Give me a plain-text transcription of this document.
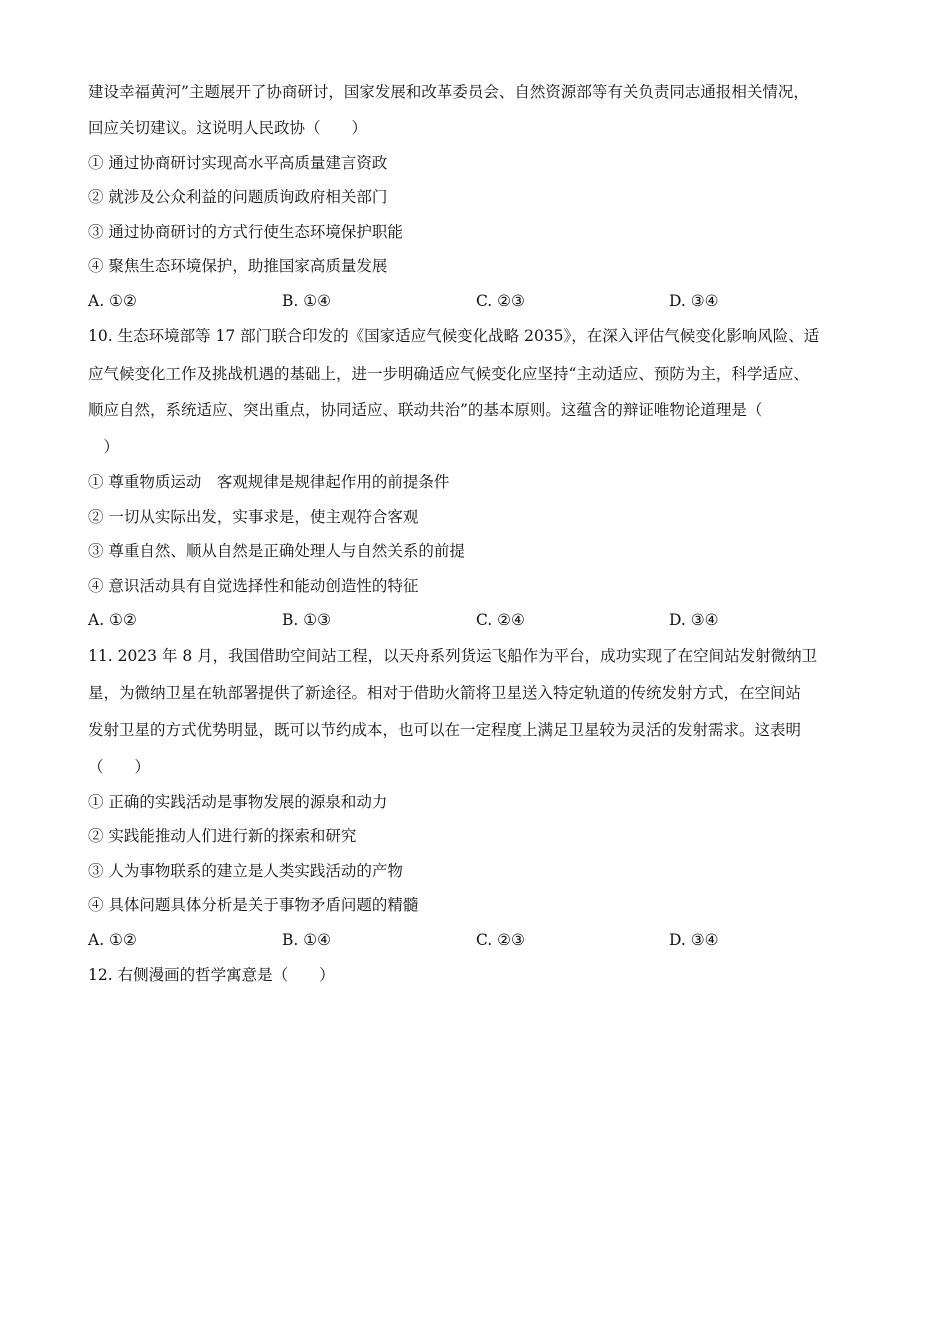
建设幸福黄河”主题展开了协商研讨，国家发展和改革委员会、自然资源部等有关负责同志通报相关情况，
回应关切建议。这说明人民政协（　　）
① 通过协商研讨实现高水平高质量建言资政
② 就涉及公众利益的问题质询政府相关部门
③ 通过协商研讨的方式行使生态环境保护职能
④ 聚焦生态环境保护，助推国家高质量发展
A. ①②	B. ①④	C. ②③	D. ③④
10. 生态环境部等 17 部门联合印发的《国家适应气候变化战略 2035》，在深入评估气候变化影响风险、适
应气候变化工作及挑战机遇的基础上，进一步明确适应气候变化应坚持“主动适应、预防为主，科学适应、
顺应自然，系统适应、突出重点，协同适应、联动共治”的基本原则。这蕴含的辩证唯物论道理是（
　）
① 尊重物质运动　客观规律是规律起作用的前提条件
② 一切从实际出发，实事求是，使主观符合客观
③ 尊重自然、顺从自然是正确处理人与自然关系的前提
④ 意识活动具有自觉选择性和能动创造性的特征
A. ①②	B. ①③	C. ②④	D. ③④
11. 2023 年 8 月，我国借助空间站工程，以天舟系列货运飞船作为平台，成功实现了在空间站发射微纳卫
星，为微纳卫星在轨部署提供了新途径。相对于借助火箭将卫星送入特定轨道的传统发射方式，在空间站
发射卫星的方式优势明显，既可以节约成本，也可以在一定程度上满足卫星较为灵活的发射需求。这表明
（　　）
① 正确的实践活动是事物发展的源泉和动力
② 实践能推动人们进行新的探索和研究
③ 人为事物联系的建立是人类实践活动的产物
④ 具体问题具体分析是关于事物矛盾问题的精髓
A. ①②	B. ①④	C. ②③	D. ③④
12. 右侧漫画的哲学寓意是（　　）
